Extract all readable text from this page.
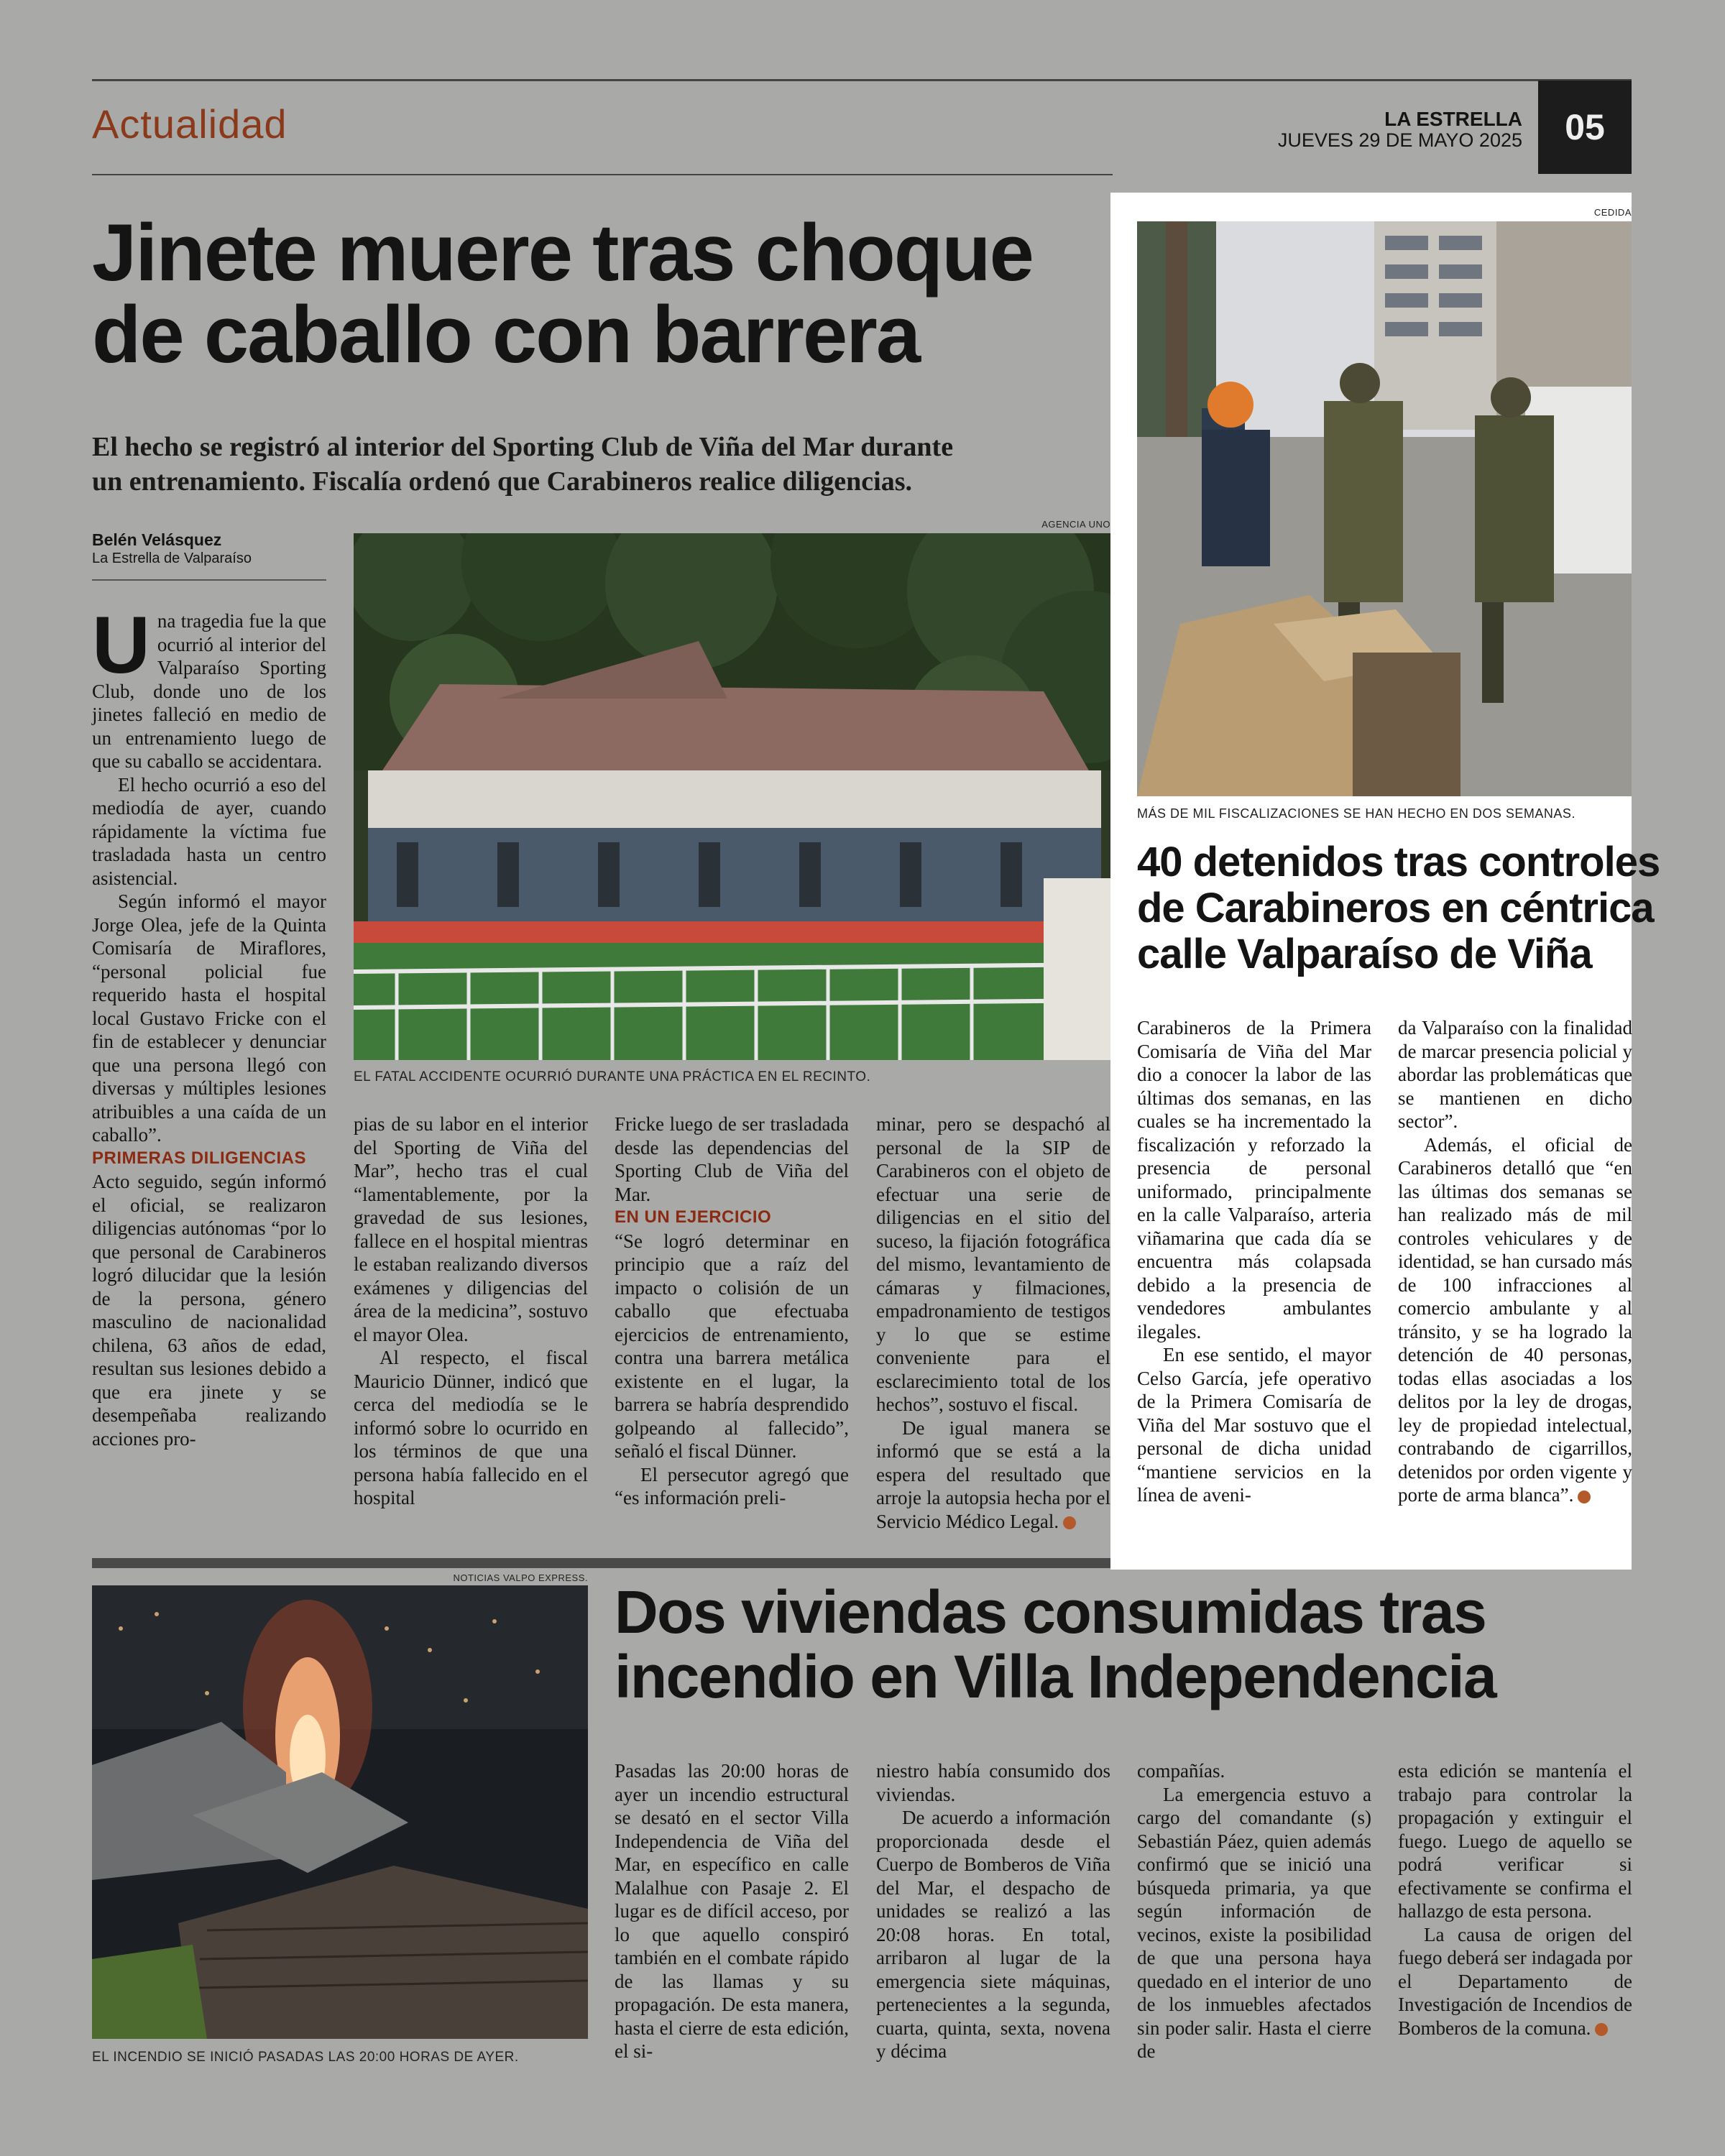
Actualidad	LA ESTRELLA
JUEVES 29 DE MAYO 2025 05
Jinete muere tras choque
de caballo con barrera
El hecho se registró al interior del Sporting Club de Viña del Mar durante
un entrenamiento. Fiscalía ordenó que Carabineros realice diligencias.
Belén Velásquez
La Estrella de Valparaíso
AGENCIA UNO
EL FATAL ACCIDENTE OCURRIÓ DURANTE UNA PRÁCTICA EN EL RECINTO.

Una tragedia fue la que ocurrió al interior del Valparaíso Sporting Club, donde uno de los jinetes falleció en medio de un entrenamiento luego de que su caballo se accidentara.

El hecho ocurrió a eso del mediodía de ayer, cuando rápidamente la víctima fue trasladada hasta un centro asistencial.

Según informó el mayor Jorge Olea, jefe de la Quinta Comisaría de Miraflores, “personal policial fue requerido hasta el hospital local Gustavo Fricke con el fin de establecer y denunciar que una persona llegó con diversas y múltiples lesiones atribuibles a una caída de un caballo”.

PRIMERAS DILIGENCIAS

Acto seguido, según informó el oficial, se realizaron diligencias autónomas “por lo que personal de Carabineros logró dilucidar que la lesión de la persona, género masculino de nacionalidad chilena, 63 años de edad, resultan sus lesiones debido a que era jinete y se desempeñaba realizando acciones pro-

pias de su labor en el interior del Sporting de Viña del Mar”, hecho tras el cual “lamentablemente, por la gravedad de sus lesiones, fallece en el hospital mientras le estaban realizando diversos exámenes y diligencias del área de la medicina”, sostuvo el mayor Olea.

Al respecto, el fiscal Mauricio Dünner, indicó que cerca del mediodía se le informó sobre lo ocurrido en los términos de que una persona había fallecido en el hospital

Fricke luego de ser trasladada desde las dependencias del Sporting Club de Viña del Mar.

EN UN EJERCICIO

“Se logró determinar en principio que a raíz del impacto o colisión de un caballo que efectuaba ejercicios de entrenamiento, contra una barrera metálica existente en el lugar, la barrera se habría desprendido golpeando al fallecido”, señaló el fiscal Dünner.

El persecutor agregó que “es información preli-

minar, pero se despachó al personal de la SIP de Carabineros con el objeto de efectuar una serie de diligencias en el sitio del suceso, la fijación fotográfica del mismo, levantamiento de cámaras y filmaciones, empadronamiento de testigos y lo que se estime conveniente para el esclarecimiento total de los hechos”, sostuvo el fiscal.

De igual manera se informó que se está a la espera del resultado que arroje la autopsia hecha por el Servicio Médico Legal.

CEDIDA
MÁS DE MIL FISCALIZACIONES SE HAN HECHO EN DOS SEMANAS.
40 detenidos tras controles
de Carabineros en céntrica
calle Valparaíso de Viña

Carabineros de la Primera Comisaría de Viña del Mar dio a conocer la labor de las últimas dos semanas, en las cuales se ha incrementado la fiscalización y reforzado la presencia de personal uniformado, principalmente en la calle Valparaíso, arteria viñamarina que cada día se encuentra más colapsada debido a la presencia de vendedores ambulantes ilegales.

En ese sentido, el mayor Celso García, jefe operativo de la Primera Comisaría de Viña del Mar sostuvo que el personal de dicha unidad “mantiene servicios en la línea de aveni-

da Valparaíso con la finalidad de marcar presencia policial y abordar las problemáticas que se mantienen en dicho sector”.

Además, el oficial de Carabineros detalló que “en las últimas dos semanas se han realizado más de mil controles vehiculares y de identidad, se han cursado más de 100 infracciones al comercio ambulante y al tránsito, y se ha logrado la detención de 40 personas, todas ellas asociadas a los delitos por la ley de drogas, ley de propiedad intelectual, contrabando de cigarrillos, detenidos por orden vigente y porte de arma blanca”.

NOTICIAS VALPO EXPRESS.
EL INCENDIO SE INICIÓ PASADAS LAS 20:00 HORAS DE AYER.
Dos viviendas consumidas tras
incendio en Villa Independencia

Pasadas las 20:00 horas de ayer un incendio estructural se desató en el sector Villa Independencia de Viña del Mar, en específico en calle Malalhue con Pasaje 2. El lugar es de difícil acceso, por lo que aquello conspiró también en el combate rápido de las llamas y su propagación. De esta manera, hasta el cierre de esta edición, el si-

niestro había consumido dos viviendas.

De acuerdo a información proporcionada desde el Cuerpo de Bomberos de Viña del Mar, el despacho de unidades se realizó a las 20:08 horas. En total, arribaron al lugar de la emergencia siete máquinas, pertenecientes a la segunda, cuarta, quinta, sexta, novena y décima

compañías.

La emergencia estuvo a cargo del comandante (s) Sebastián Páez, quien además confirmó que se inició una búsqueda primaria, ya que según información de vecinos, existe la posibilidad de que una persona haya quedado en el interior de uno de los inmuebles afectados sin poder salir. Hasta el cierre de

esta edición se mantenía el trabajo para controlar la propagación y extinguir el fuego. Luego de aquello se podrá verificar si efectivamente se confirma el hallazgo de esta persona.

La causa de origen del fuego deberá ser indagada por el Departamento de Investigación de Incendios de Bomberos de la comuna.
